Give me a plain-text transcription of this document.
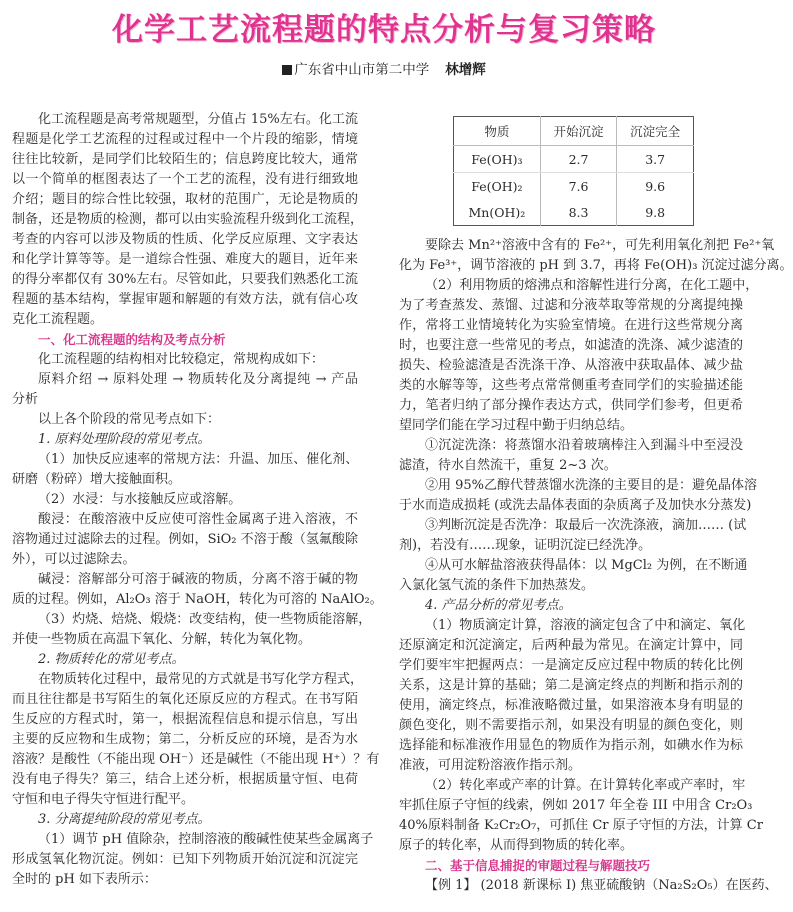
化学工艺流程题的特点分析与复习策略
广东省中山市第二中学 林增辉
化工流程题是高考常规题型，分值占 15%左右。化工流
程题是化学工艺流程的过程或过程中一个片段的缩影，情境
往往比较新，是同学们比较陌生的；信息跨度比较大，通常
以一个简单的框图表达了一个工艺的流程，没有进行细致地
介绍；题目的综合性比较强，取材的范围广，无论是物质的
制备，还是物质的检测，都可以由实验流程升级到化工流程，
考查的内容可以涉及物质的性质、化学反应原理、文字表达
和化学计算等等。是一道综合性强、难度大的题目，近年来
的得分率都仅有 30%左右。尽管如此，只要我们熟悉化工流
程题的基本结构，掌握审题和解题的有效方法，就有信心攻
克化工流程题。
一、化工流程题的结构及考点分析
化工流程题的结构相对比较稳定，常规构成如下：
原料介绍 → 原料处理 → 物质转化及分离提纯 → 产品
分析
以上各个阶段的常见考点如下：
1. 原料处理阶段的常见考点。
（1）加快反应速率的常规方法：升温、加压、催化剂、
研磨（粉碎）增大接触面积。
（2）水浸：与水接触反应或溶解。
酸浸：在酸溶液中反应使可溶性金属离子进入溶液，不
溶物通过过滤除去的过程。例如，SiO₂ 不溶于酸（氢氟酸除
外），可以过滤除去。
碱浸：溶解部分可溶于碱液的物质，分离不溶于碱的物
质的过程。例如，Al₂O₃ 溶于 NaOH，转化为可溶的 NaAlO₂。
（3）灼烧、焙烧、煅烧：改变结构，使一些物质能溶解，
并使一些物质在高温下氧化、分解，转化为氧化物。
2. 物质转化的常见考点。
在物质转化过程中，最常见的方式就是书写化学方程式，
而且往往都是书写陌生的氧化还原反应的方程式。在书写陌
生反应的方程式时，第一，根据流程信息和提示信息，写出
主要的反应物和生成物；第二，分析反应的环境，是否为水
溶液？是酸性（不能出现 OH⁻）还是碱性（不能出现 H⁺）？有
没有电子得失？第三，结合上述分析，根据质量守恒、电荷
守恒和电子得失守恒进行配平。
3. 分离提纯阶段的常见考点。
（1）调节 pH 值除杂，控制溶液的酸碱性使某些金属离子
形成氢氧化物沉淀。例如：已知下列物质开始沉淀和沉淀完
全时的 pH 如下表所示：
物质	开始沉淀	沉淀完全
Fe(OH)₃	2.7	3.7
Fe(OH)₂	7.6	9.6
Mn(OH)₂	8.3	9.8
要除去 Mn²⁺溶液中含有的 Fe²⁺，可先利用氧化剂把 Fe²⁺氧
化为 Fe³⁺，调节溶液的 pH 到 3.7，再将 Fe(OH)₃ 沉淀过滤分离。
（2）利用物质的熔沸点和溶解性进行分离，在化工题中，
为了考查蒸发、蒸馏、过滤和分液萃取等常规的分离提纯操
作，常将工业情境转化为实验室情境。在进行这些常规分离
时，也要注意一些常见的考点，如滤渣的洗涤、减少滤渣的
损失、检验滤渣是否洗涤干净、从溶液中获取晶体、减少盐
类的水解等等，这些考点常常侧重考查同学们的实验描述能
力，笔者归纳了部分操作表达方式，供同学们参考，但更希
望同学们能在学习过程中勤于归纳总结。
①沉淀洗涤：将蒸馏水沿着玻璃棒注入到漏斗中至浸没
滤渣，待水自然流干，重复 2~3 次。
②用 95%乙醇代替蒸馏水洗涤的主要目的是：避免晶体溶
于水而造成损耗 (或洗去晶体表面的杂质离子及加快水分蒸发)
③判断沉淀是否洗净：取最后一次洗涤液，滴加…… (试
剂)，若没有……现象，证明沉淀已经洗净。
④从可水解盐溶液获得晶体：以 MgCl₂ 为例，在不断通
入氯化氢气流的条件下加热蒸发。
4. 产品分析的常见考点。
（1）物质滴定计算，溶液的滴定包含了中和滴定、氧化
还原滴定和沉淀滴定，后两种最为常见。在滴定计算中，同
学们要牢牢把握两点：一是滴定反应过程中物质的转化比例
关系，这是计算的基础；第二是滴定终点的判断和指示剂的
使用，滴定终点，标准液略微过量，如果溶液本身有明显的
颜色变化，则不需要指示剂，如果没有明显的颜色变化，则
选择能和标准液作用显色的物质作为指示剂，如碘水作为标
准液，可用淀粉溶液作指示剂。
（2）转化率或产率的计算。在计算转化率或产率时，牢
牢抓住原子守恒的线索，例如 2017 年全卷 III 中用含 Cr₂O₃
40%原料制备 K₂Cr₂O₇，可抓住 Cr 原子守恒的方法，计算 Cr
原子的转化率，从而得到物质的转化率。
二、基于信息捕捉的审题过程与解题技巧
【例 1】 (2018 新课标 I) 焦亚硫酸钠（Na₂S₂O₅）在医药、
